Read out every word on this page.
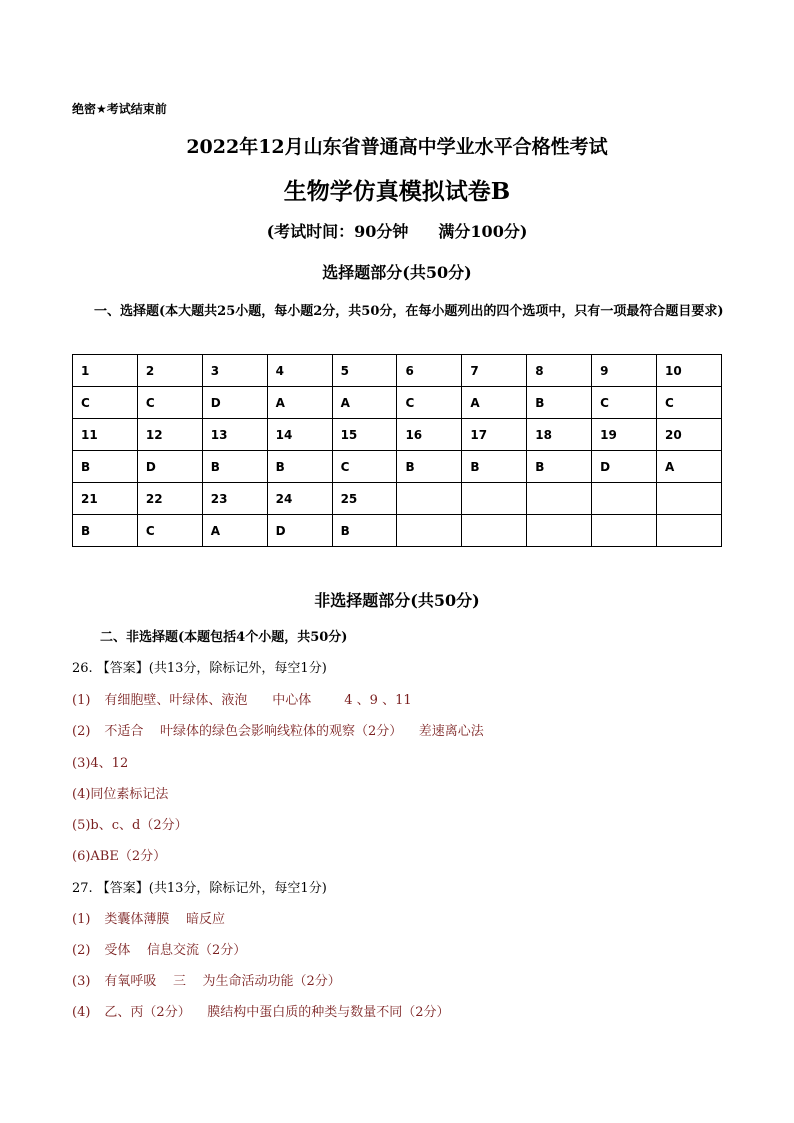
绝密★考试结束前
2022年12月山东省普通高中学业水平合格性考试
生物学仿真模拟试卷B
(考试时间：90分钟 满分100分)
选择题部分(共50分)
一、选择题(本大题共25小题，每小题2分，共50分，在每小题列出的四个选项中，只有一项最符合题目要求)
1	2	3	4	5	6	7	8	9	10
C	C	D	A	A	C	A	B	C	C
11	12	13	14	15	16	17	18	19	20
B	D	B	B	C	B	B	B	D	A
21	22	23	24	25					
B	C	A	D	B					
非选择题部分(共50分)
二、非选择题(本题包括4个小题，共50分)
26. 【答案】(共13分，除标记外，每空1分)
(1) 有细胞壁、叶绿体、液泡      中心体        4 、9 、11
(2) 不适合    叶绿体的绿色会影响线粒体的观察（2分）    差速离心法
(3)4、12
(4)同位素标记法
(5)b、c、d（2分）
(6)ABE（2分）
27. 【答案】(共13分，除标记外，每空1分)
(1) 类囊体薄膜    暗反应
(2) 受体    信息交流（2分）
(3) 有氧呼吸    三    为生命活动功能（2分）
(4) 乙、丙（2分）    膜结构中蛋白质的种类与数量不同（2分）
